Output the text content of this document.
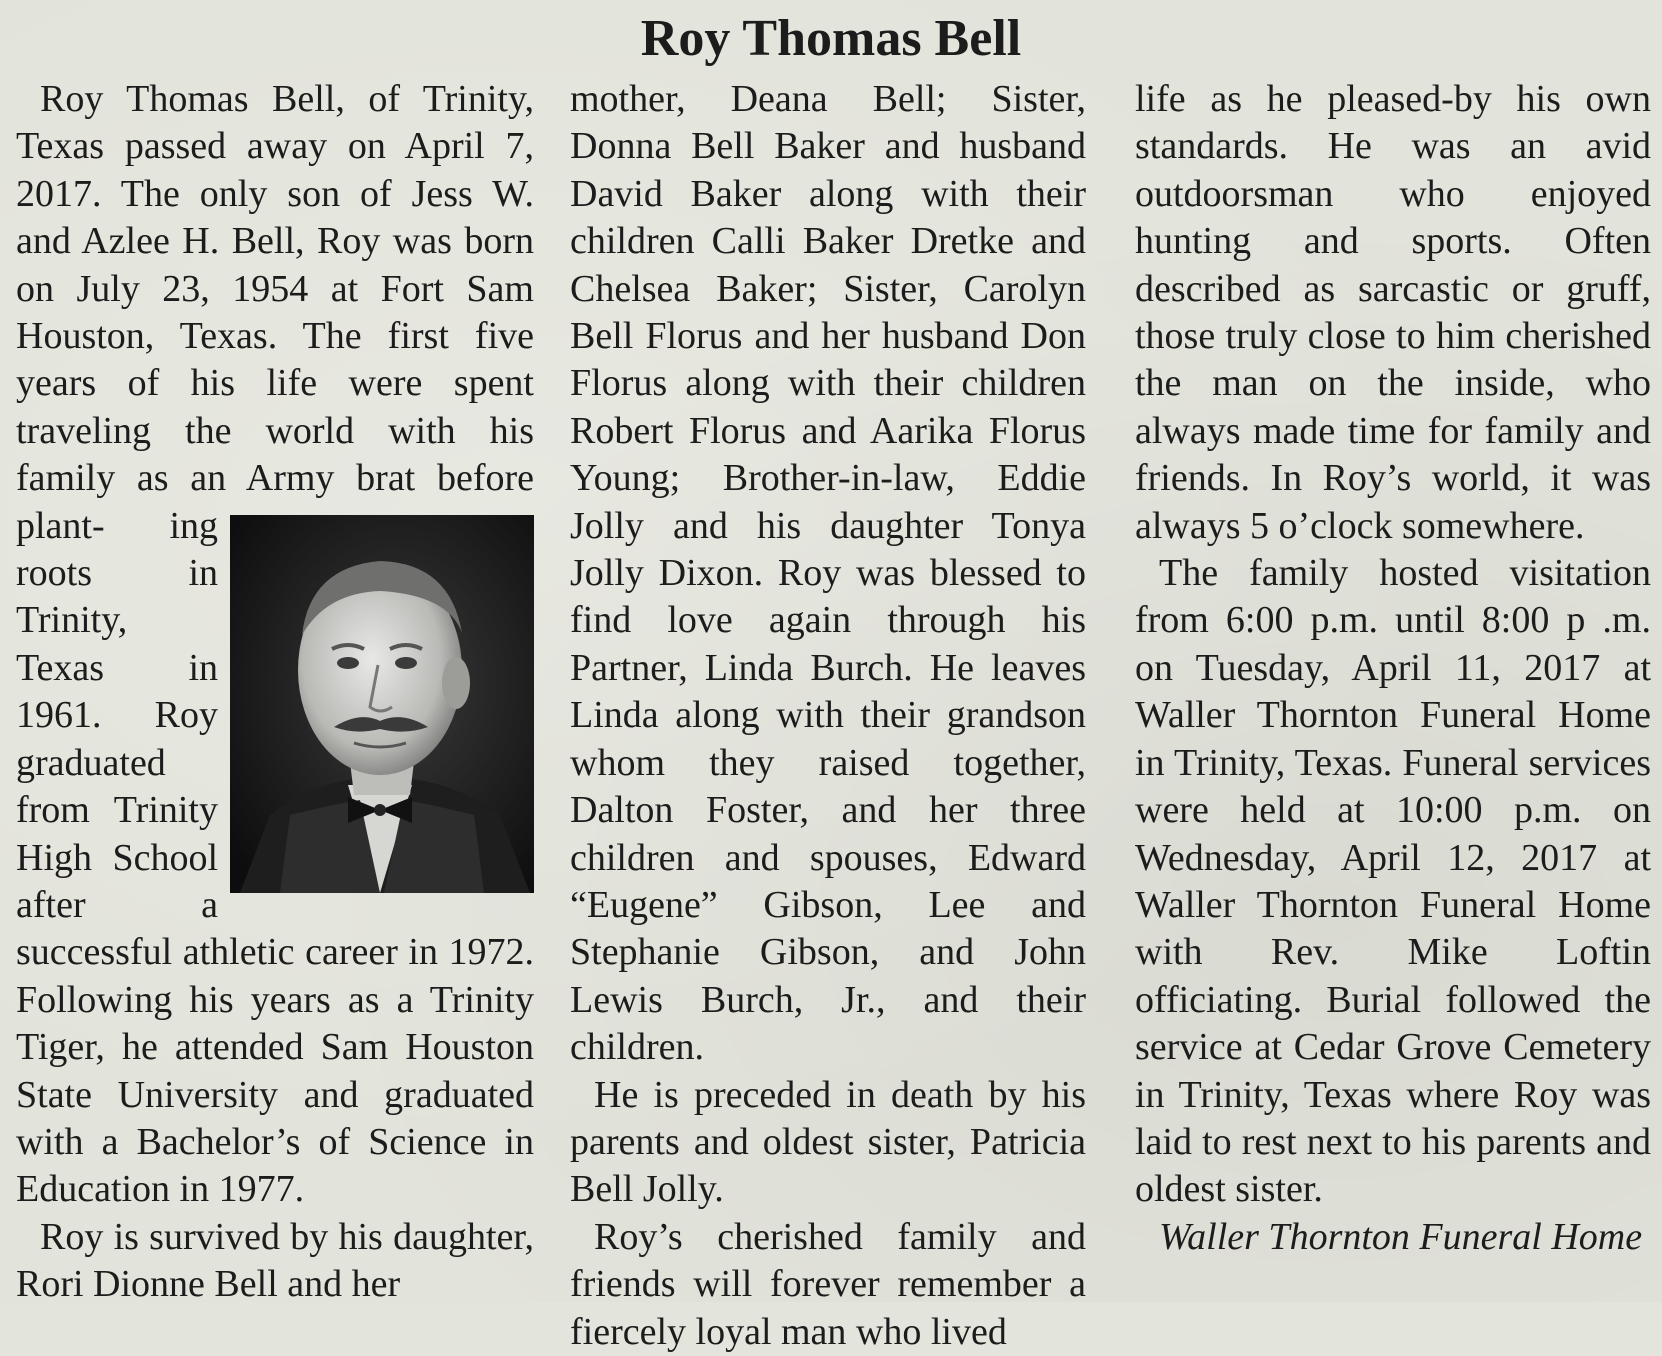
Roy Thomas Bell

Roy Thomas Bell, of Trinity, Texas passed away on April 7, 2017. The only son of Jess W. and Azlee H. Bell, Roy was born on July 23, 1954 at Fort Sam Houston, Texas. The first five years of his life were spent traveling the world with his family as an Army brat before plant- ing roots in Trinity, Texas in 1961. Roy graduated from Trinity High School after a successful athletic career in 1972. Following his years as a Trinity Tiger, he attended Sam Houston State University and graduated with a Bachelor’s of Science in Education in 1977.

Roy is survived by his daughter, Rori Dionne Bell and her

mother, Deana Bell; Sister, Donna Bell Baker and husband David Baker along with their children Calli Baker Dretke and Chelsea Baker; Sister, Carolyn Bell Florus and her husband Don Florus along with their children Robert Florus and Aarika Florus Young; Brother-in-law, Eddie Jolly and his daughter Tonya Jolly Dixon. Roy was blessed to find love again through his Partner, Linda Burch. He leaves Linda along with their grandson whom they raised together, Dalton Foster, and her three children and spouses, Edward “Eugene” Gibson, Lee and Stephanie Gibson, and John Lewis Burch, Jr., and their children.

He is preceded in death by his parents and oldest sister, Patricia Bell Jolly.

Roy’s cherished family and friends will forever remember a fiercely loyal man who lived

life as he pleased-by his own standards. He was an avid outdoorsman who enjoyed hunting and sports. Often described as sarcastic or gruff, those truly close to him cherished the man on the inside, who always made time for family and friends. In Roy’s world, it was always 5 o’clock somewhere.

The family hosted visitation from 6:00 p.m. until 8:00 p .m. on Tuesday, April 11, 2017 at Waller Thornton Funeral Home in Trinity, Texas. Funeral services were held at 10:00 p.m. on Wednesday, April 12, 2017 at Waller Thornton Funeral Home with Rev. Mike Loftin officiating. Burial followed the service at Cedar Grove Cemetery in Trinity, Texas where Roy was laid to rest next to his parents and oldest sister.

Waller Thornton Funeral Home
